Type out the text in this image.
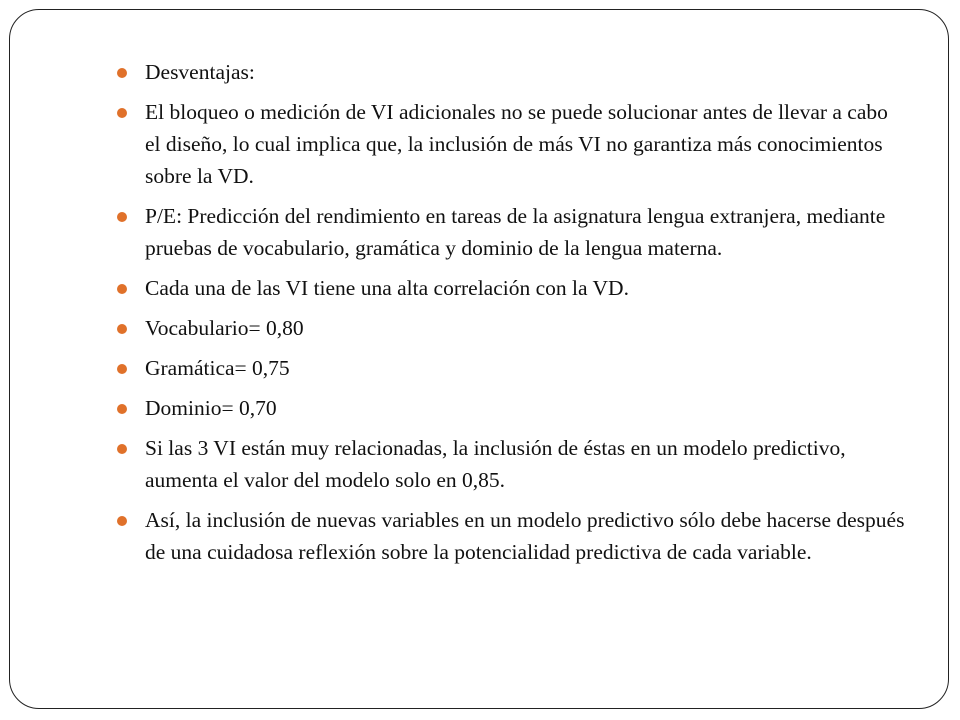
Desventajas:
El bloqueo o medición de VI adicionales no se puede solucionar antes de llevar a cabo el diseño, lo cual implica que, la inclusión de más VI no garantiza más conocimientos sobre la VD.
P/E: Predicción del rendimiento en tareas de la asignatura lengua extranjera, mediante pruebas de vocabulario, gramática y dominio de la lengua materna.
Cada una de las VI tiene una alta correlación con la VD.
Vocabulario= 0,80
Gramática= 0,75
Dominio= 0,70
Si las 3 VI están muy relacionadas, la inclusión de éstas en un modelo predictivo, aumenta el valor del modelo solo en 0,85.
Así, la inclusión de nuevas variables en un modelo predictivo sólo debe hacerse después de una cuidadosa reflexión sobre la potencialidad predictiva de cada variable.
